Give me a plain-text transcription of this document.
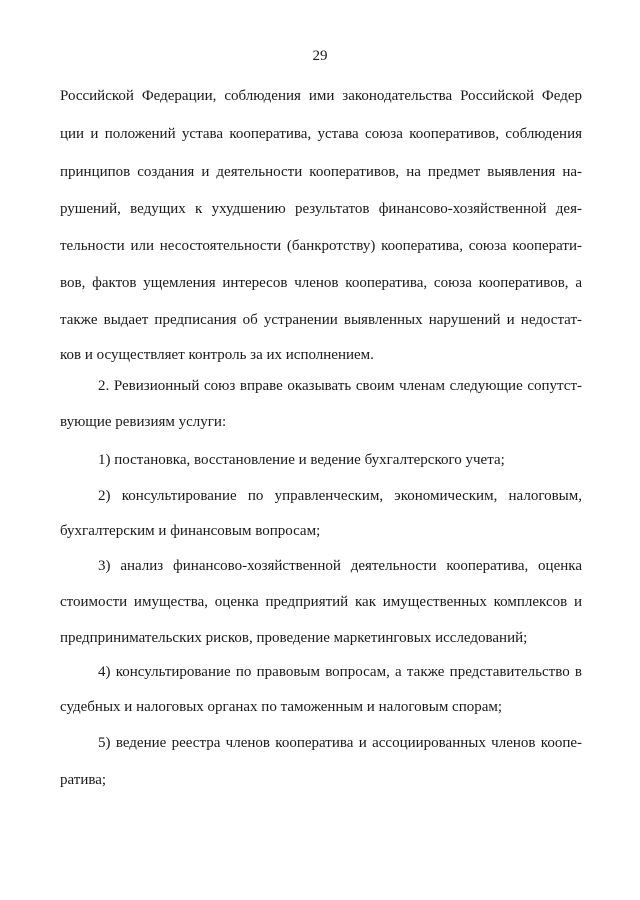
29
Российской Федерации, соблюдения ими законодательства Российской Федер
ции и положений устава кооператива, устава союза кооперативов, соблюдения
принципов создания и деятельности кооперативов, на предмет выявления на-
рушений, ведущих к ухудшению результатов финансово-хозяйственной дея-
тельности или несостоятельности (банкротству) кооператива, союза кооперати-
вов, фактов ущемления интересов членов кооператива, союза кооперативов, а
также выдает предписания об устранении выявленных нарушений и недостат-
ков и осуществляет контроль за их исполнением.
2. Ревизионный союз вправе оказывать своим членам следующие сопутст-
вующие ревизиям услуги:
1) постановка, восстановление и ведение бухгалтерского учета;
2) консультирование по управленческим, экономическим, налоговым,
бухгалтерским и финансовым вопросам;
3) анализ финансово-хозяйственной деятельности кооператива, оценка
стоимости имущества, оценка предприятий как имущественных комплексов и
предпринимательских рисков, проведение маркетинговых исследований;
4) консультирование по правовым вопросам, а также представительство в
судебных и налоговых органах по таможенным и налоговым спорам;
5) ведение реестра членов кооператива и ассоциированных членов коопе-
ратива;
